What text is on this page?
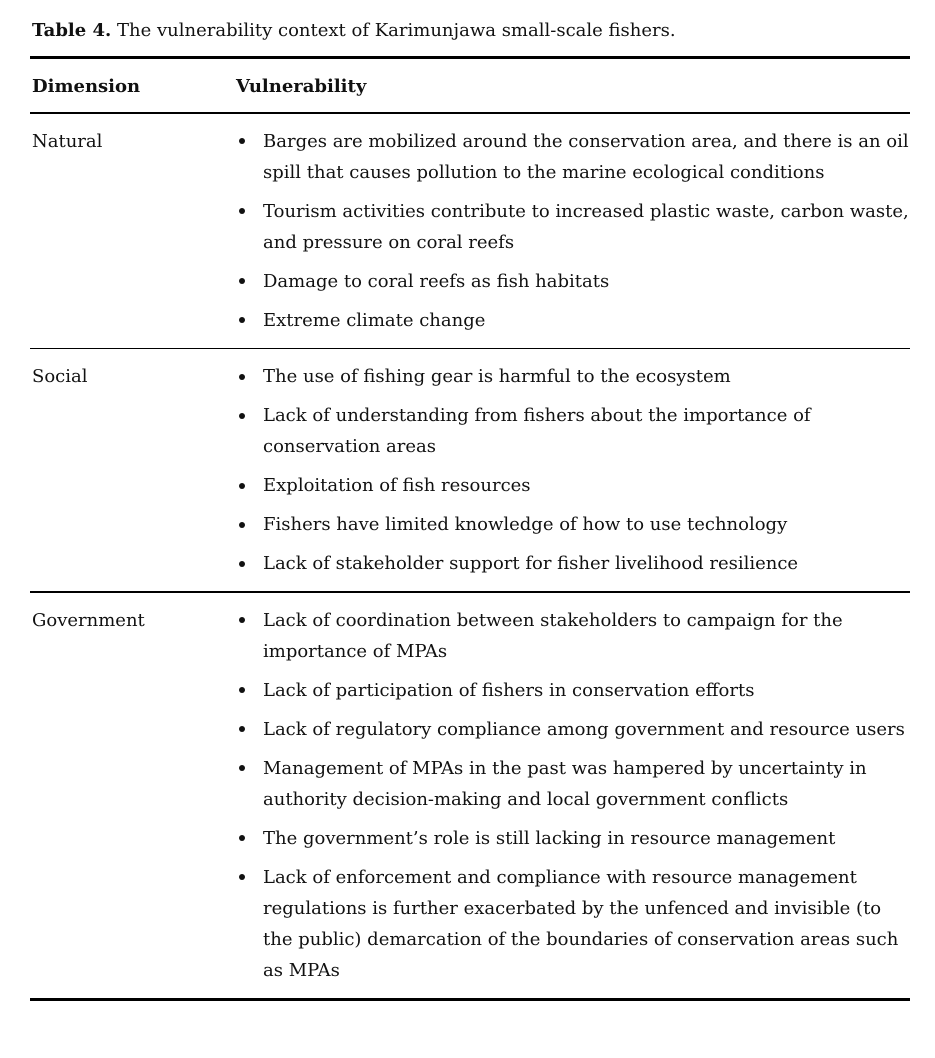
Table 4. The vulnerability context of Karimunjawa small-scale fishers.
Dimension	Vulnerability
Natural	Barges are mobilized around the conservation area, and there is an oil spill that causes pollution to the marine ecological conditions
Tourism activities contribute to increased plastic waste, carbon waste, and pressure on coral reefs
Damage to coral reefs as fish habitats
Extreme climate change
Social	The use of fishing gear is harmful to the ecosystem
Lack of understanding from fishers about the importance of conservation areas
Exploitation of fish resources
Fishers have limited knowledge of how to use technology
Lack of stakeholder support for fisher livelihood resilience
Government	Lack of coordination between stakeholders to campaign for the importance of MPAs
Lack of participation of fishers in conservation efforts
Lack of regulatory compliance among government and resource users
Management of MPAs in the past was hampered by uncertainty in authority decision-making and local government conflicts
The government’s role is still lacking in resource management
Lack of enforcement and compliance with resource management regulations is further exacerbated by the unfenced and invisible (to the public) demarcation of the boundaries of conservation areas such as MPAs
